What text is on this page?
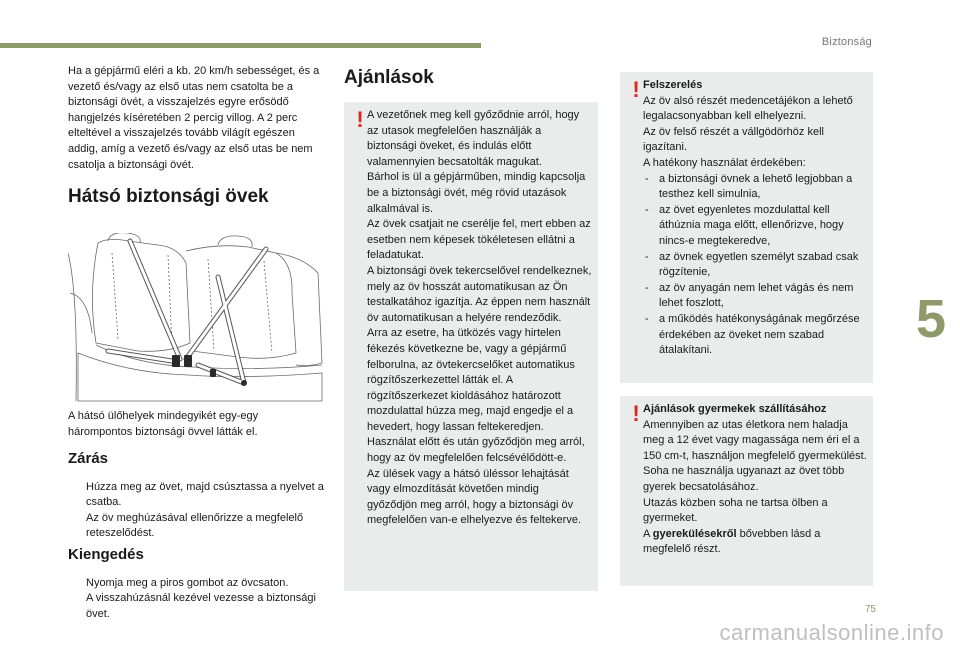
Biztonság
5

Ha a gépjármű eléri a kb. 20 km/h sebességet, és a vezető és/vagy az első utas nem csatolta be a biztonsági övét, a visszajelzés egyre erősödő hangjelzés kíséretében 2 percig villog. A 2 perc elteltével a visszajelzés tovább világít egészen addig, amíg a vezető és/vagy az első utas be nem csatolja a biztonsági övét.

Hátsó biztonsági övek
A hátsó ülőhelyek mindegyikét egy-egy hárompontos biztonsági övvel látták el.
Zárás
Húzza meg az övet, majd csúsztassa a nyelvet a csatba.
Az öv meghúzásával ellenőrizze a megfelelő reteszelődést.
Kiengedés
Nyomja meg a piros gombot az övcsaton.
A visszahúzásnál kezével vezesse a biztonsági övet.
Ajánlások
! A vezetőnek meg kell győződnie arról, hogy az utasok megfelelően használják a biztonsági öveket, és indulás előtt valamennyien becsatolták magukat.
Bárhol is ül a gépjárműben, mindig kapcsolja be a biztonsági övét, még rövid utazások alkalmával is.
Az övek csatjait ne cserélje fel, mert ebben az esetben nem képesek tökéletesen ellátni a feladatukat.
A biztonsági övek tekercselővel rendelkeznek, mely az öv hosszát automatikusan az Ön testalkatához igazítja. Az éppen nem használt öv automatikusan a helyére rendeződik.
Arra az esetre, ha ütközés vagy hirtelen fékezés következne be, vagy a gépjármű felborulna, az övtekercselőket automatikus rögzítőszerkezettel látták el. A rögzítőszerkezet kioldásához határozott mozdulattal húzza meg, majd engedje el a hevedert, hogy lassan feltekeredjen.
Használat előtt és után győződjön meg arról, hogy az öv megfelelően felcsévélődött-e.
Az ülések vagy a hátsó üléssor lehajtását vagy elmozdítását követően mindig győződjön meg arról, hogy a biztonsági öv megfelelően van-e elhelyezve és feltekerve.
! Felszerelés
Az öv alsó részét medencetájékon a lehető legalacsonyabban kell elhelyezni.
Az öv felső részét a vállgödörhöz kell igazítani.
A hatékony használat érdekében:
- a biztonsági övnek a lehető legjobban a testhez kell simulnia,
- az övet egyenletes mozdulattal kell áthúznia maga előtt, ellenőrizve, hogy nincs-e megtekeredve,
- az övnek egyetlen személyt szabad csak rögzítenie,
- az öv anyagán nem lehet vágás és nem lehet foszlott,
- a működés hatékonyságának megőrzése érdekében az öveket nem szabad átalakítani.
! Ajánlások gyermekek szállításához
Amennyiben az utas életkora nem haladja meg a 12 évet vagy magassága nem éri el a 150 cm-t, használjon megfelelő gyermekülést.
Soha ne használja ugyanazt az övet több gyerek becsatolásához.
Utazás közben soha ne tartsa ölben a gyermeket.
A gyerekülésekről bővebben lásd a megfelelő részt.
75
carmanualsonline.info
